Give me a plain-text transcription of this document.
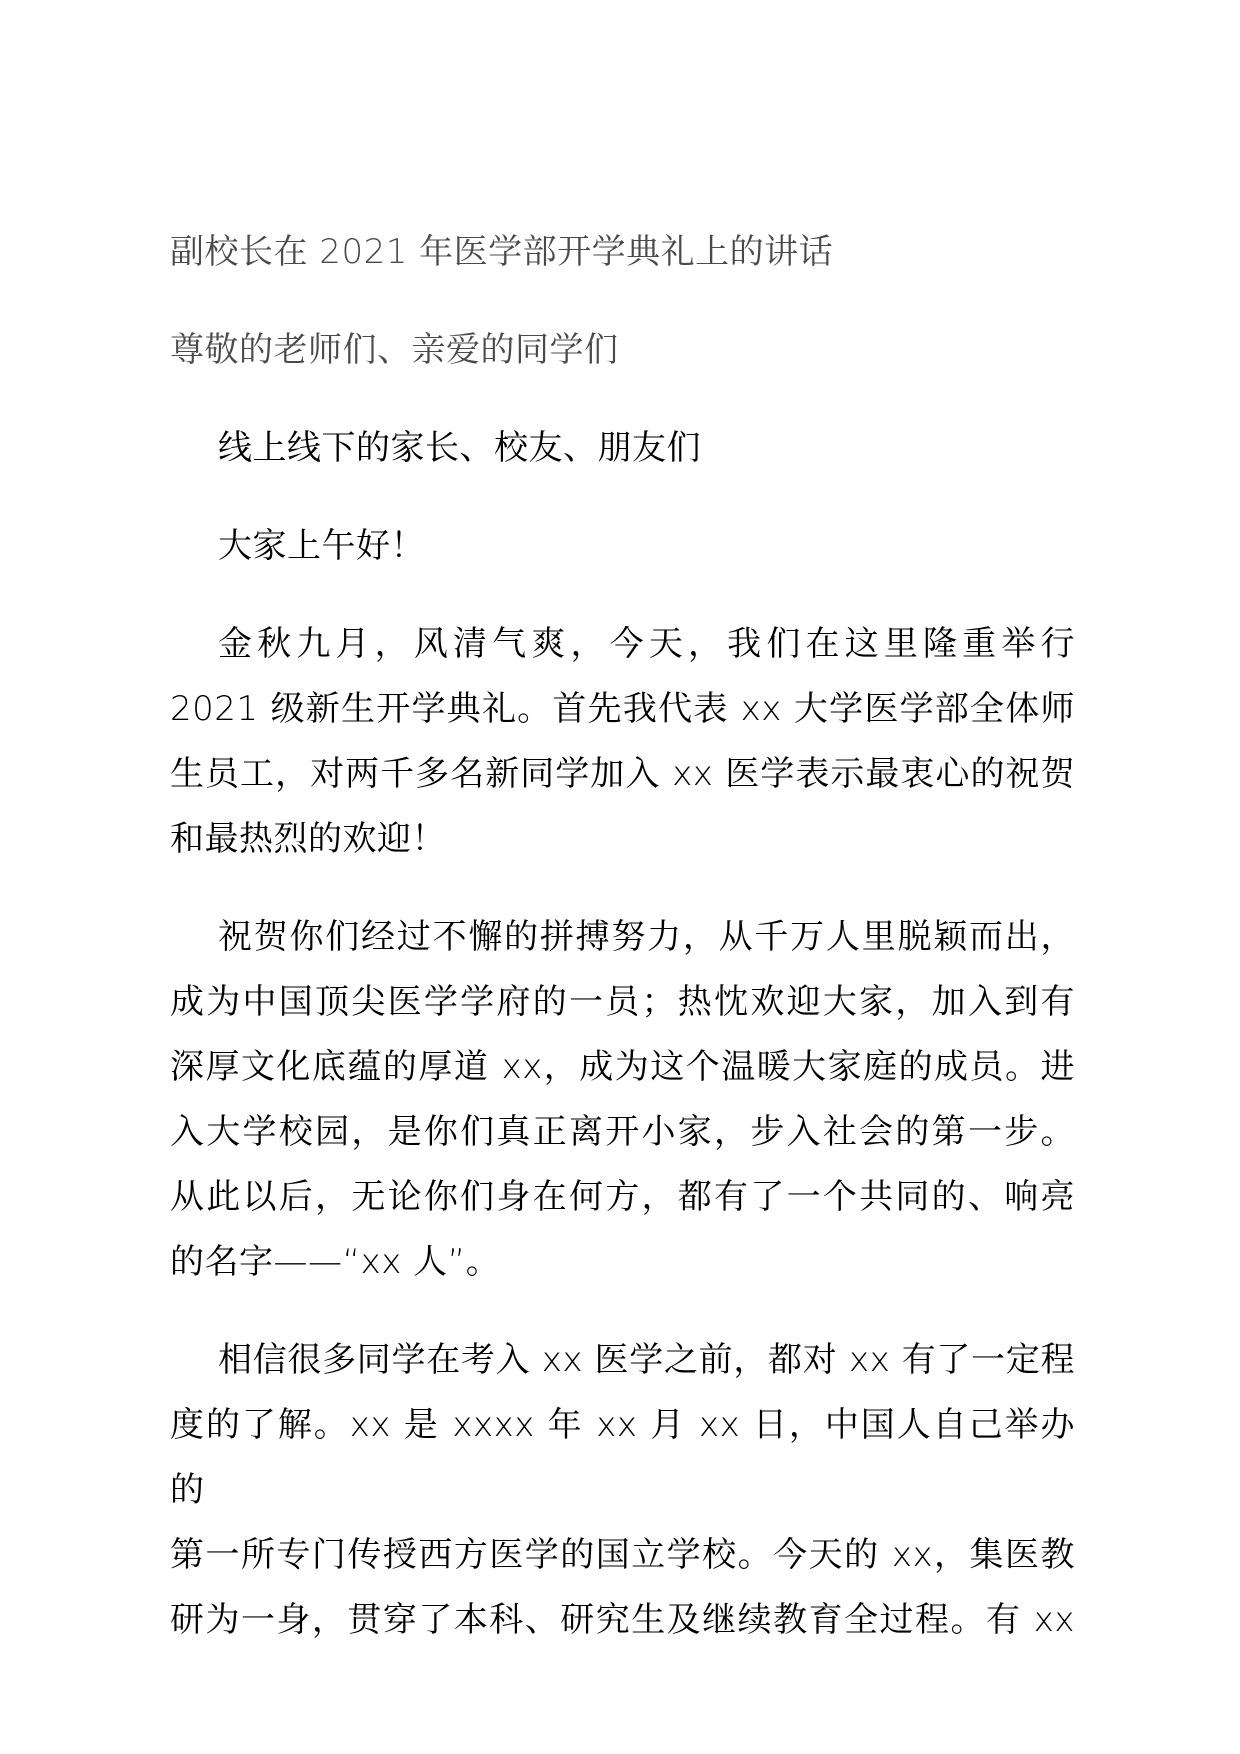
副校长在 2021 年医学部开学典礼上的讲话
尊敬的老师们、亲爱的同学们
线上线下的家长、校友、朋友们
大家上午好！
金秋九月，风清气爽，今天，我们在这里隆重举行
2021 级新生开学典礼。首先我代表 xx 大学医学部全体师
生员工，对两千多名新同学加入 xx 医学表示最衷心的祝贺
和最热烈的欢迎！
祝贺你们经过不懈的拼搏努力，从千万人里脱颖而出，
成为中国顶尖医学学府的一员；热忱欢迎大家，加入到有
深厚文化底蕴的厚道 xx，成为这个温暖大家庭的成员。进
入大学校园，是你们真正离开小家，步入社会的第一步。
从此以后，无论你们身在何方，都有了一个共同的、响亮
的名字——“xx 人”。
相信很多同学在考入 xx 医学之前，都对 xx 有了一定程
度的了解。xx 是 xxxx 年 xx 月 xx 日，中国人自己举办的
第一所专门传授西方医学的国立学校。今天的 xx，集医教
研为一身，贯穿了本科、研究生及继续教育全过程。有 xx
